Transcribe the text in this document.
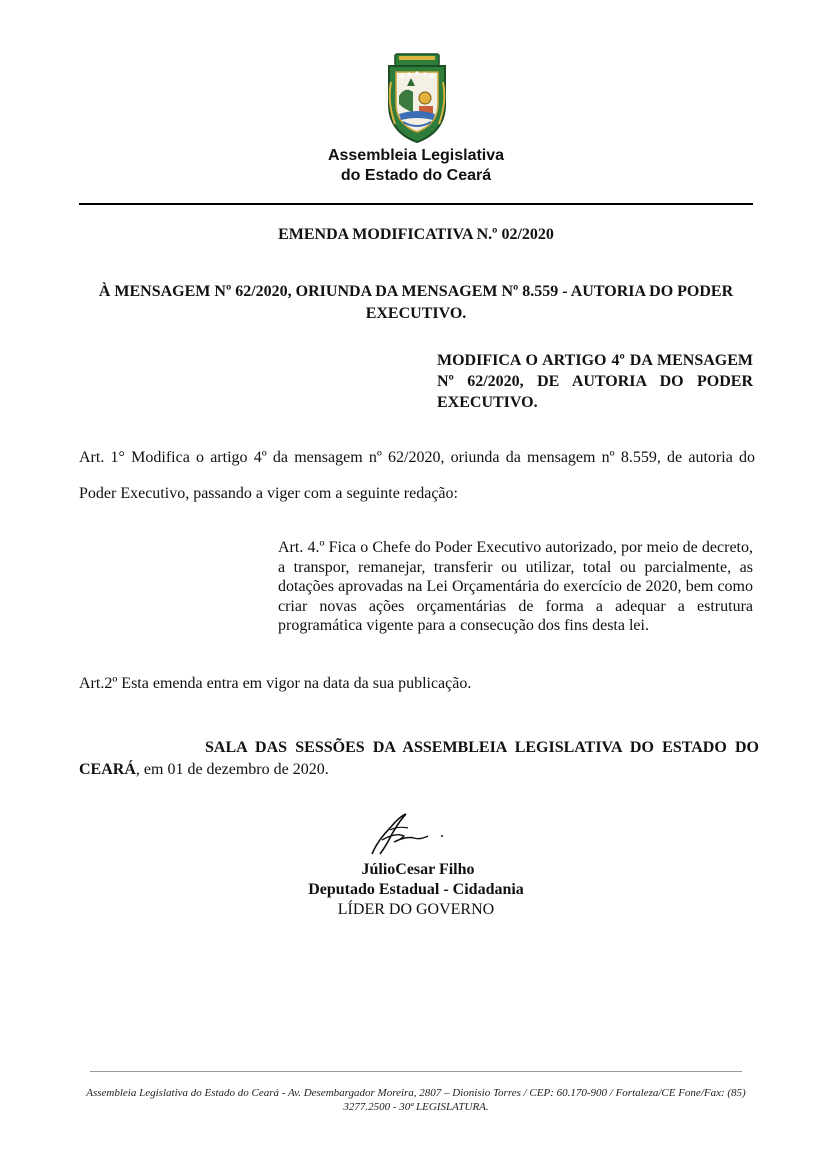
Assembleia Legislativa
do Estado do Ceará
EMENDA MODIFICATIVA N.º 02/2020
À MENSAGEM Nº 62/2020, ORIUNDA DA MENSAGEM Nº 8.559 - AUTORIA DO PODER EXECUTIVO.
MODIFICA O ARTIGO 4º DA MENSAGEM Nº 62/2020, DE AUTORIA DO PODER EXECUTIVO.
Art. 1° Modifica o artigo 4º da mensagem nº 62/2020, oriunda da mensagem nº 8.559, de autoria do Poder Executivo, passando a viger com a seguinte redação:
Art. 4.º Fica o Chefe do Poder Executivo autorizado, por meio de decreto, a transpor, remanejar, transferir ou utilizar, total ou parcialmente, as dotações aprovadas na Lei Orçamentária do exercício de 2020, bem como criar novas ações orçamentárias de forma a adequar a estrutura programática vigente para a consecução dos fins desta lei.
Art.2º Esta emenda entra em vigor na data da sua publicação.
SALA DAS SESSÕES DA ASSEMBLEIA LEGISLATIVA DO ESTADO DO CEARÁ, em 01 de dezembro de 2020.
JúlioCesar Filho
Deputado Estadual - Cidadania
LÍDER DO GOVERNO
Assembleia Legislativa do Estado do Ceará - Av. Desembargador Moreira, 2807 – Dionisio Torres / CEP: 60.170-900 / Fortaleza/CE Fone/Fax: (85)
3277.2500 - 30ª LEGISLATURA.
